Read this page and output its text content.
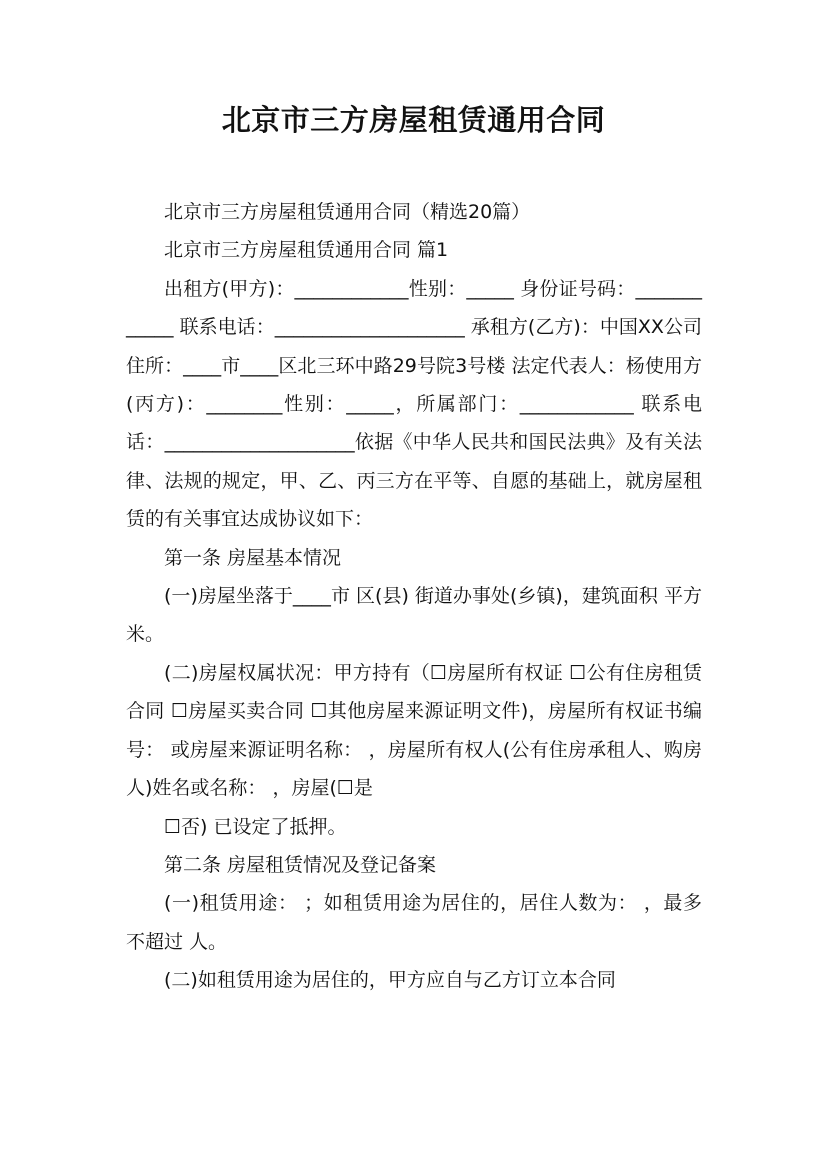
北京市三方房屋租赁通用合同

北京市三方房屋租赁通用合同（精选20篇）

北京市三方房屋租赁通用合同 篇1

出租方(甲方)：____________性别：_____ 身份证号码：____________ 联系电话：____________________ 承租方(乙方)：中国XX公司 住所：____市____区北三环中路29号院3号楼 法定代表人：杨使用方(丙方)：________性别：_____，所属部门：____________ 联系电话：____________________依据《中华人民共和国民法典》及有关法律、法规的规定，甲、乙、丙三方在平等、自愿的基础上，就房屋租赁的有关事宜达成协议如下：

第一条 房屋基本情况

(一)房屋坐落于____市 区(县) 街道办事处(乡镇)，建筑面积 平方米。

(二)房屋权属状况：甲方持有（☐房屋所有权证 ☐公有住房租赁合同 ☐房屋买卖合同 ☐其他房屋来源证明文件)，房屋所有权证书编号： 或房屋来源证明名称： ，房屋所有权人(公有住房承租人、购房人)姓名或名称： ，房屋(☐是

☐否) 已设定了抵押。

第二条 房屋租赁情况及登记备案

(一)租赁用途： ；如租赁用途为居住的，居住人数为： ，最多不超过 人。

(二)如租赁用途为居住的，甲方应自与乙方订立本合同
